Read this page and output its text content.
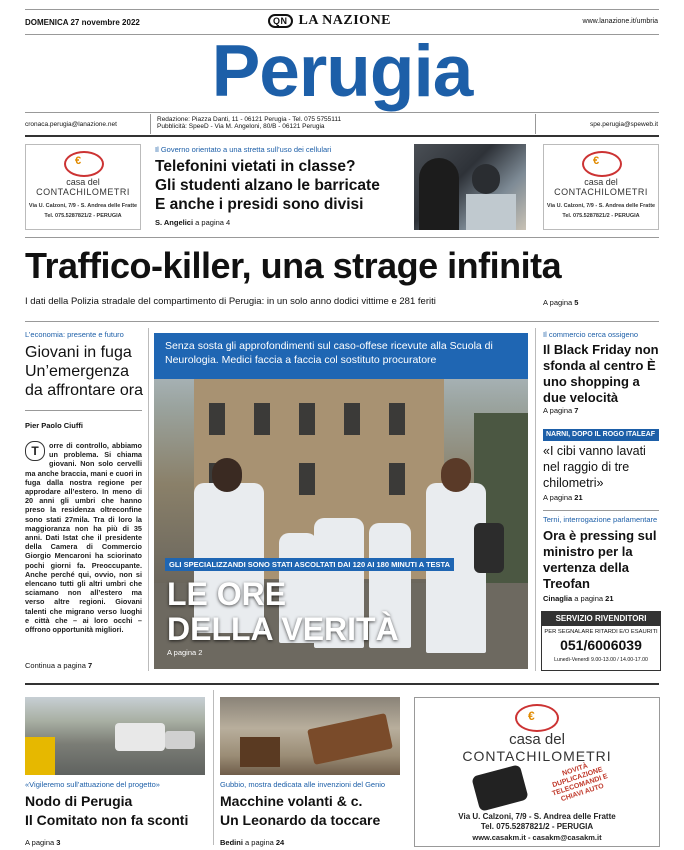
DOMENICA 27 novembre 2022	QN LA NAZIONE	www.lanazione.it/umbria
Perugia
cronaca.perugia@lanazione.net
Redazione: Piazza Danti, 11 - 06121 Perugia - Tel. 075 5755111
Pubblicità: SpeeD - Via M. Angeloni, 80/B - 06121 Perugia	spe.perugia@speweb.it
€
casa del
CONTACHILOMETRI
Via U. Calzoni, 7/9 - S. Andrea delle Fratte
Tel. 075.5287821/2 - PERUGIA
€
casa del
CONTACHILOMETRI
Via U. Calzoni, 7/9 - S. Andrea delle Fratte
Tel. 075.5287821/2 - PERUGIA
Il Governo orientato a una stretta sull’uso dei cellulari
Telefonini vietati in classe?
Gli studenti alzano le barricate
E anche i presidi sono divisi
S. Angelici a pagina 4
Traffico-killer, una strage infinita
I dati della Polizia stradale del compartimento di Perugia: in un solo anno dodici vittime e 281 feriti	A pagina 5
L’economia: presente e futuro
Giovani in fuga Un’emergenza da affrontare ora
Pier Paolo Ciuffi
T	orre di controllo, abbiamo un problema. Si chiama giovani. Non solo cervelli ma anche braccia, mani e cuori in fuga dalla nostra regione per approdare all’estero. In meno di 20 anni gli umbri che hanno preso la residenza oltreconfine sono stati 27mila. Tra di loro la maggioranza non ha più di 35 anni. Dati Istat che il presidente della Camera di Commercio Giorgio Mencaroni ha sciorinato pochi giorni fa. Preoccupante. Anche perché qui, ovvio, non si elencano tutti gli altri umbri che sciamano non all’estero ma verso altre regioni. Giovani talenti che migrano verso luoghi e città che – ai loro occhi – offrono opportunità migliori.
Continua a pagina 7
Senza sosta gli approfondimenti sul caso-offese ricevute alla Scuola di Neurologia. Medici faccia a faccia col sostituto procuratore
GLI SPECIALIZZANDI SONO STATI ASCOLTATI DAI 120 AI 180 MINUTI A TESTA
LE ORE
DELLA VERITÀ
A pagina 2
Il commercio cerca ossigeno
Il Black Friday non sfonda al centro È uno shopping a due velocità
A pagina 7
NARNI, DOPO IL ROGO ITALEAF
«I cibi vanno lavati nel raggio di tre chilometri»
A pagina 21
Terni, interrogazione parlamentare
Ora è pressing sul ministro per la vertenza della Treofan
Cinaglia a pagina 21
SERVIZIO RIVENDITORI
PER SEGNALARE RITARDI E/O ESAURITI
051/6006039
Lunedì-Venerdì 9.00-13.00 / 14.00-17.00
«Vigileremo sull’attuazione del progetto»
Nodo di Perugia
Il Comitato non fa sconti
A pagina 3
Gubbio, mostra dedicata alle invenzioni del Genio
Macchine volanti & c.
Un Leonardo da toccare
Bedini a pagina 24
€
casa del
CONTACHILOMETRI
NOVITÀ DUPLICAZIONE TELECOMANDI E CHIAVI AUTO
Via U. Calzoni, 7/9 - S. Andrea delle Fratte
Tel. 075.5287821/2 - PERUGIA
www.casakm.it - casakm@casakm.it
